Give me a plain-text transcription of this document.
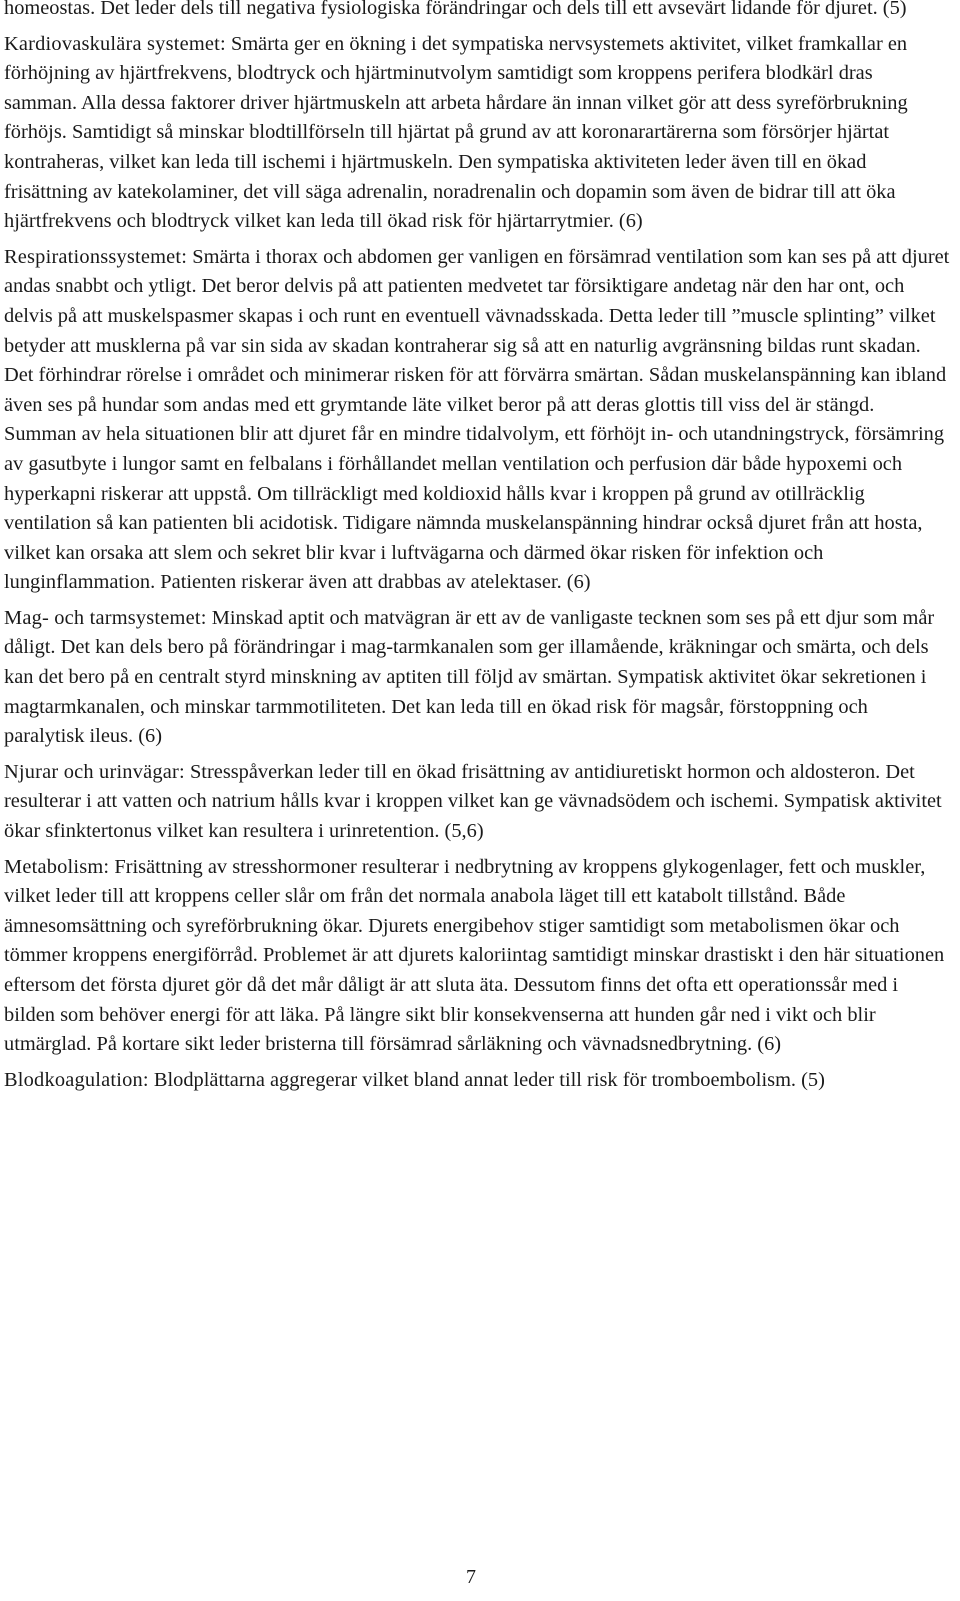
homeostas. Det leder dels till negativa fysiologiska förändringar och dels till ett avsevärt lidande för djuret. (5)

Kardiovaskulära systemet: Smärta ger en ökning i det sympatiska nervsystemets aktivitet, vilket framkallar en förhöjning av hjärtfrekvens, blodtryck och hjärtminutvolym samtidigt som kroppens perifera blodkärl dras samman. Alla dessa faktorer driver hjärtmuskeln att arbeta hårdare än innan vilket gör att dess syreförbrukning förhöjs. Samtidigt så minskar blodtillförseln till hjärtat på grund av att koronarartärerna som försörjer hjärtat kontraheras, vilket kan leda till ischemi i hjärtmuskeln. Den sympatiska aktiviteten leder även till en ökad frisättning av katekolaminer, det vill säga adrenalin, noradrenalin och dopamin som även de bidrar till att öka hjärtfrekvens och blodtryck vilket kan leda till ökad risk för hjärtarrytmier. (6)

Respirationssystemet: Smärta i thorax och abdomen ger vanligen en försämrad ventilation som kan ses på att djuret andas snabbt och ytligt. Det beror delvis på att patienten medvetet tar försiktigare andetag när den har ont, och delvis på att muskelspasmer skapas i och runt en eventuell vävnadsskada. Detta leder till ”muscle splinting” vilket betyder att musklerna på var sin sida av skadan kontraherar sig så att en naturlig avgränsning bildas runt skadan. Det förhindrar rörelse i området och minimerar risken för att förvärra smärtan. Sådan muskelanspänning kan ibland även ses på hundar som andas med ett grymtande läte vilket beror på att deras glottis till viss del är stängd. Summan av hela situationen blir att djuret får en mindre tidalvolym, ett förhöjt in- och utandningstryck, försämring av gasutbyte i lungor samt en felbalans i förhållandet mellan ventilation och perfusion där både hypoxemi och hyperkapni riskerar att uppstå. Om tillräckligt med koldioxid hålls kvar i kroppen på grund av otillräcklig ventilation så kan patienten bli acidotisk. Tidigare nämnda muskelanspänning hindrar också djuret från att hosta, vilket kan orsaka att slem och sekret blir kvar i luftvägarna och därmed ökar risken för infektion och lunginflammation. Patienten riskerar även att drabbas av atelektaser. (6)

Mag- och tarmsystemet: Minskad aptit och matvägran är ett av de vanligaste tecknen som ses på ett djur som mår dåligt. Det kan dels bero på förändringar i mag-tarmkanalen som ger illamående, kräkningar och smärta, och dels kan det bero på en centralt styrd minskning av aptiten till följd av smärtan. Sympatisk aktivitet ökar sekretionen i magtarmkanalen, och minskar tarmmotiliteten. Det kan leda till en ökad risk för magsår, förstoppning och paralytisk ileus. (6)

Njurar och urinvägar: Stresspåverkan leder till en ökad frisättning av antidiuretiskt hormon och aldosteron. Det resulterar i att vatten och natrium hålls kvar i kroppen vilket kan ge vävnadsödem och ischemi. Sympatisk aktivitet ökar sfinktertonus vilket kan resultera i urinretention. (5,6)

Metabolism: Frisättning av stresshormoner resulterar i nedbrytning av kroppens glykogenlager, fett och muskler, vilket leder till att kroppens celler slår om från det normala anabola läget till ett katabolt tillstånd. Både ämnesomsättning och syreförbrukning ökar. Djurets energibehov stiger samtidigt som metabolismen ökar och tömmer kroppens energiförråd. Problemet är att djurets kaloriintag samtidigt minskar drastiskt i den här situationen eftersom det första djuret gör då det mår dåligt är att sluta äta. Dessutom finns det ofta ett operationssår med i bilden som behöver energi för att läka. På längre sikt blir konsekvenserna att hunden går ned i vikt och blir utmärglad. På kortare sikt leder bristerna till försämrad sårläkning och vävnadsnedbrytning. (6)

Blodkoagulation: Blodplättarna aggregerar vilket bland annat leder till risk för tromboembolism. (5)

7
